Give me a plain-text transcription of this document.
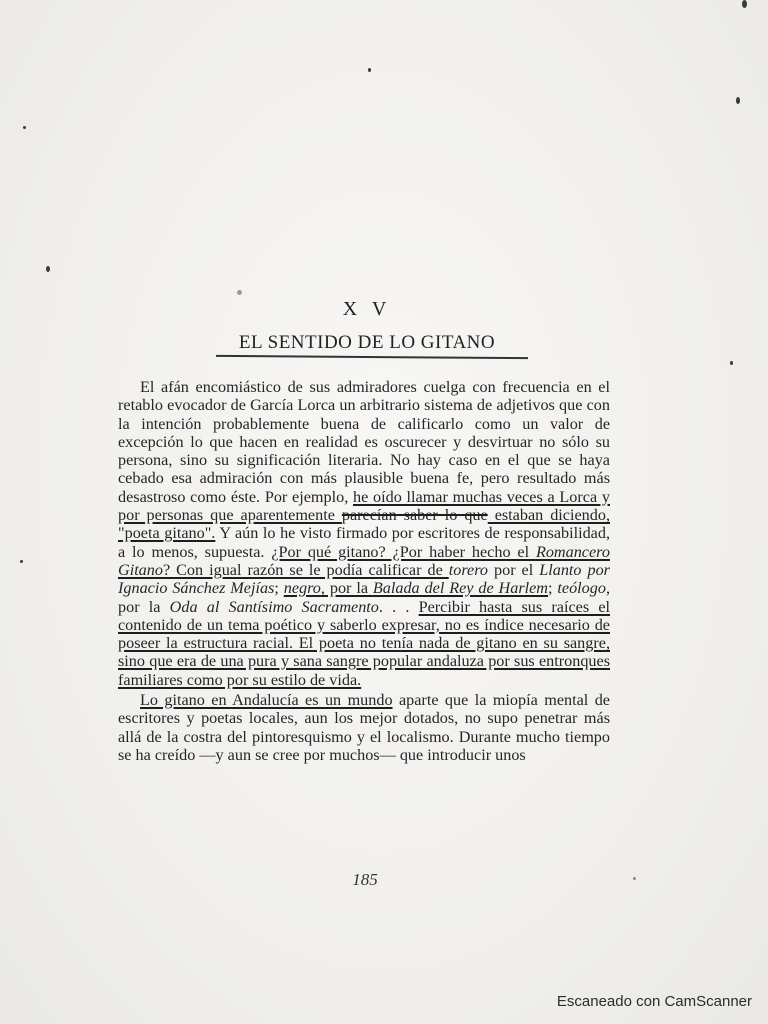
X V
EL SENTIDO DE LO GITANO

El afán encomiástico de sus admiradores cuelga con frecuencia en el retablo evocador de García Lorca un arbitrario sistema de adjetivos que con la intención probablemente buena de calificarlo como un valor de excepción lo que hacen en realidad es oscurecer y desvirtuar no sólo su persona, sino su significación literaria. No hay caso en el que se haya cebado esa admiración con más plausible buena fe, pero resultado más desastroso como éste. Por ejemplo, he oído llamar muchas veces a Lorca y por personas que aparentemente parecían saber lo que estaban diciendo, "poeta gitano". Y aún lo he visto firmado por escritores de responsabilidad, a lo menos, supuesta. ¿Por qué gitano? ¿Por haber hecho el Romancero Gitano? Con igual razón se le podía calificar de torero por el Llanto por Ignacio Sánchez Mejías; negro, por la Balada del Rey de Harlem; teólogo, por la Oda al Santísimo Sacramento. . . Percibir hasta sus raíces el contenido de un tema poético y saberlo expresar, no es índice necesario de poseer la estructura racial. El poeta no tenía nada de gitano en su sangre, sino que era de una pura y sana sangre popular andaluza por sus entronques familiares como por su estilo de vida.

Lo gitano en Andalucía es un mundo aparte que la miopía mental de escritores y poetas locales, aun los mejor dotados, no supo penetrar más allá de la costra del pintoresquismo y el localismo. Durante mucho tiempo se ha creído —y aun se cree por muchos— que introducir unos

185
Escaneado con CamScanner
